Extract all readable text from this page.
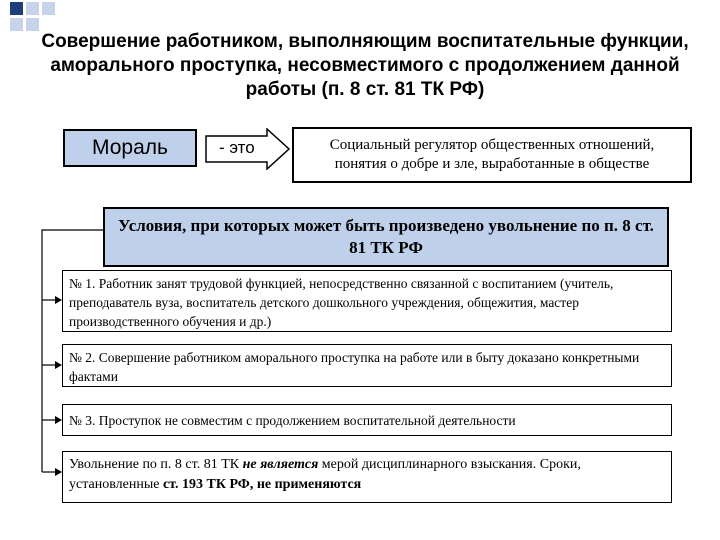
Совершение работником, выполняющим воспитательные функции, аморального проступка, несовместимого с продолжением данной работы (п. 8 ст. 81 ТК РФ)
Мораль	- это	Социальный регулятор общественных отношений, понятия о добре и зле, выработанные в обществе
Условия, при которых может быть произведено увольнение по п. 8 ст. 81 ТК РФ
№ 1. Работник занят трудовой функцией, непосредственно связанной с воспитанием (учитель, преподаватель вуза, воспитатель детского дошкольного учреждения, общежития, мастер производственного обучения и др.)
№ 2. Совершение работником аморального проступка на работе или в быту доказано конкретными фактами
№ 3. Проступок не совместим с продолжением воспитательной деятельности
Увольнение по п. 8 ст. 81 ТК не является мерой дисциплинарного взыскания. Сроки, установленные ст. 193 ТК РФ, не применяются
